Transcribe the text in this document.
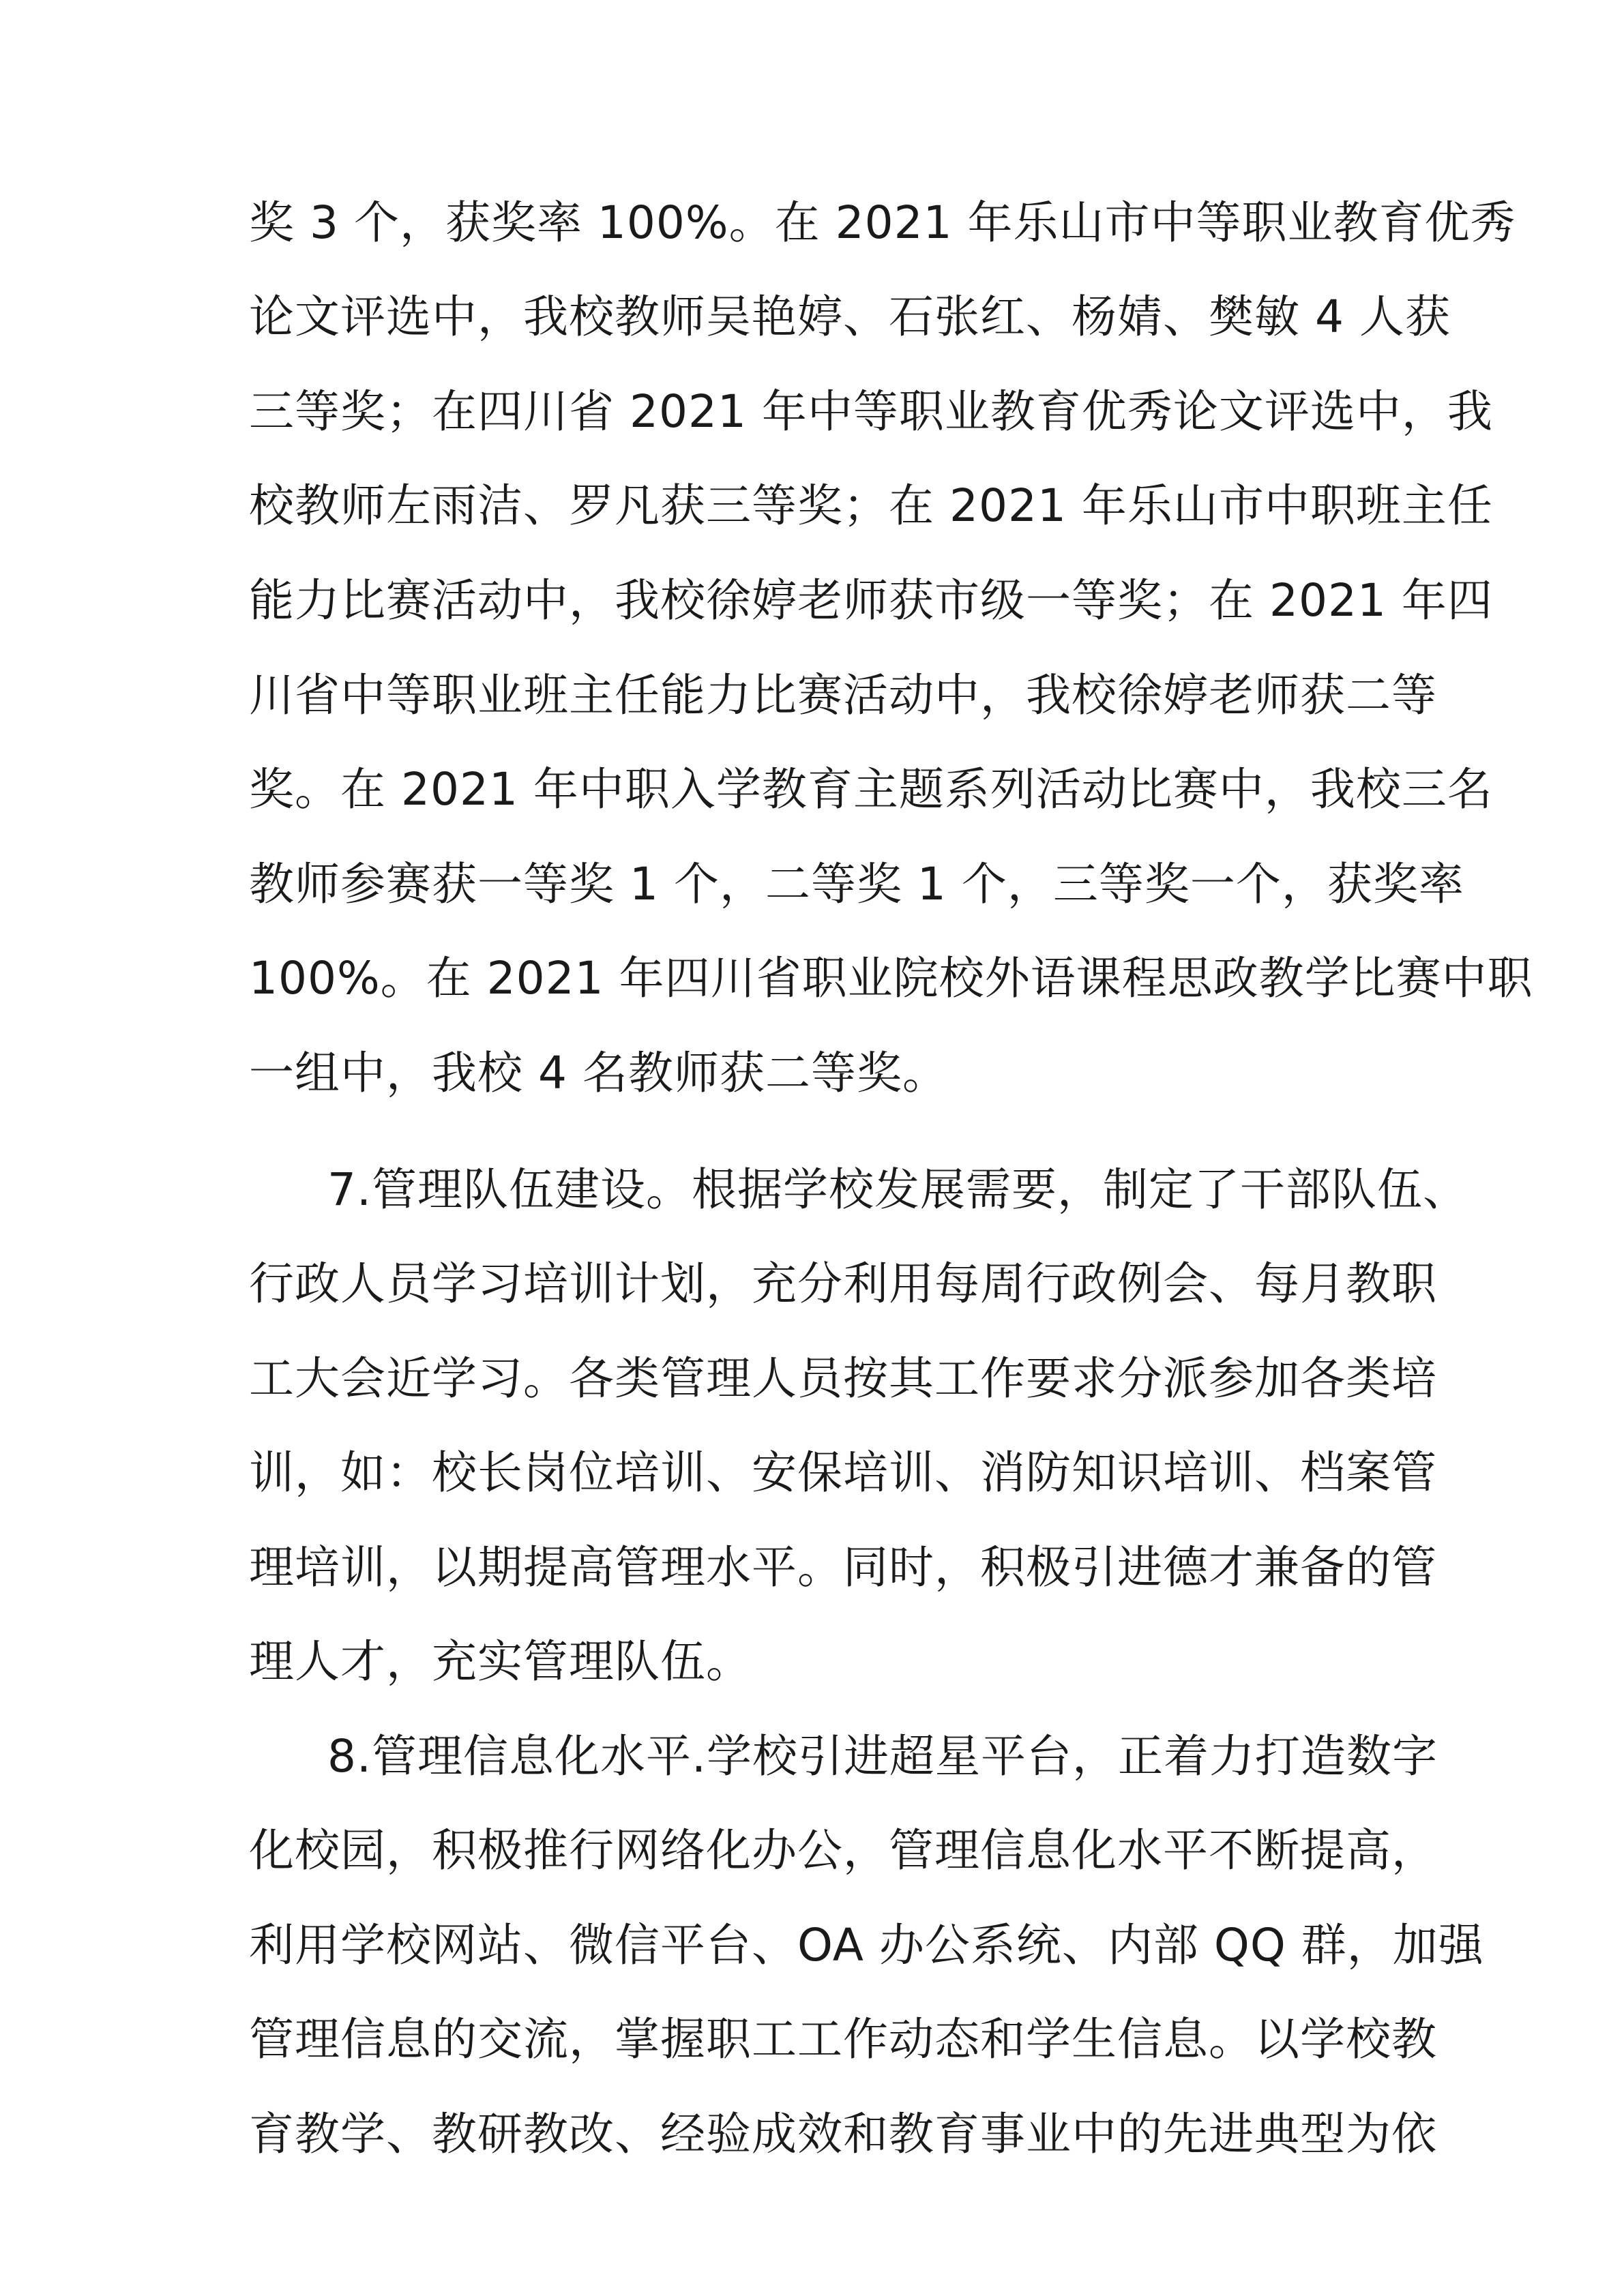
奖 3 个，获奖率 100%。在 2021 年乐山市中等职业教育优秀
论文评选中，我校教师吴艳婷、石张红、杨婧、樊敏 4 人获
三等奖；在四川省 2021 年中等职业教育优秀论文评选中，我
校教师左雨洁、罗凡获三等奖；在 2021 年乐山市中职班主任
能力比赛活动中，我校徐婷老师获市级一等奖；在 2021 年四
川省中等职业班主任能力比赛活动中，我校徐婷老师获二等
奖。在 2021 年中职入学教育主题系列活动比赛中，我校三名
教师参赛获一等奖 1 个，二等奖 1 个，三等奖一个，获奖率
100%。在 2021 年四川省职业院校外语课程思政教学比赛中职
一组中，我校 4 名教师获二等奖。
7.管理队伍建设。根据学校发展需要，制定了干部队伍、
行政人员学习培训计划，充分利用每周行政例会、每月教职
工大会近学习。各类管理人员按其工作要求分派参加各类培
训，如：校长岗位培训、安保培训、消防知识培训、档案管
理培训，以期提高管理水平。同时，积极引进德才兼备的管
理人才，充实管理队伍。
8.管理信息化水平.学校引进超星平台，正着力打造数字
化校园，积极推行网络化办公，管理信息化水平不断提高，
利用学校网站、微信平台、OA 办公系统、内部 QQ 群，加强
管理信息的交流，掌握职工工作动态和学生信息。以学校教
育教学、教研教改、经验成效和教育事业中的先进典型为依
